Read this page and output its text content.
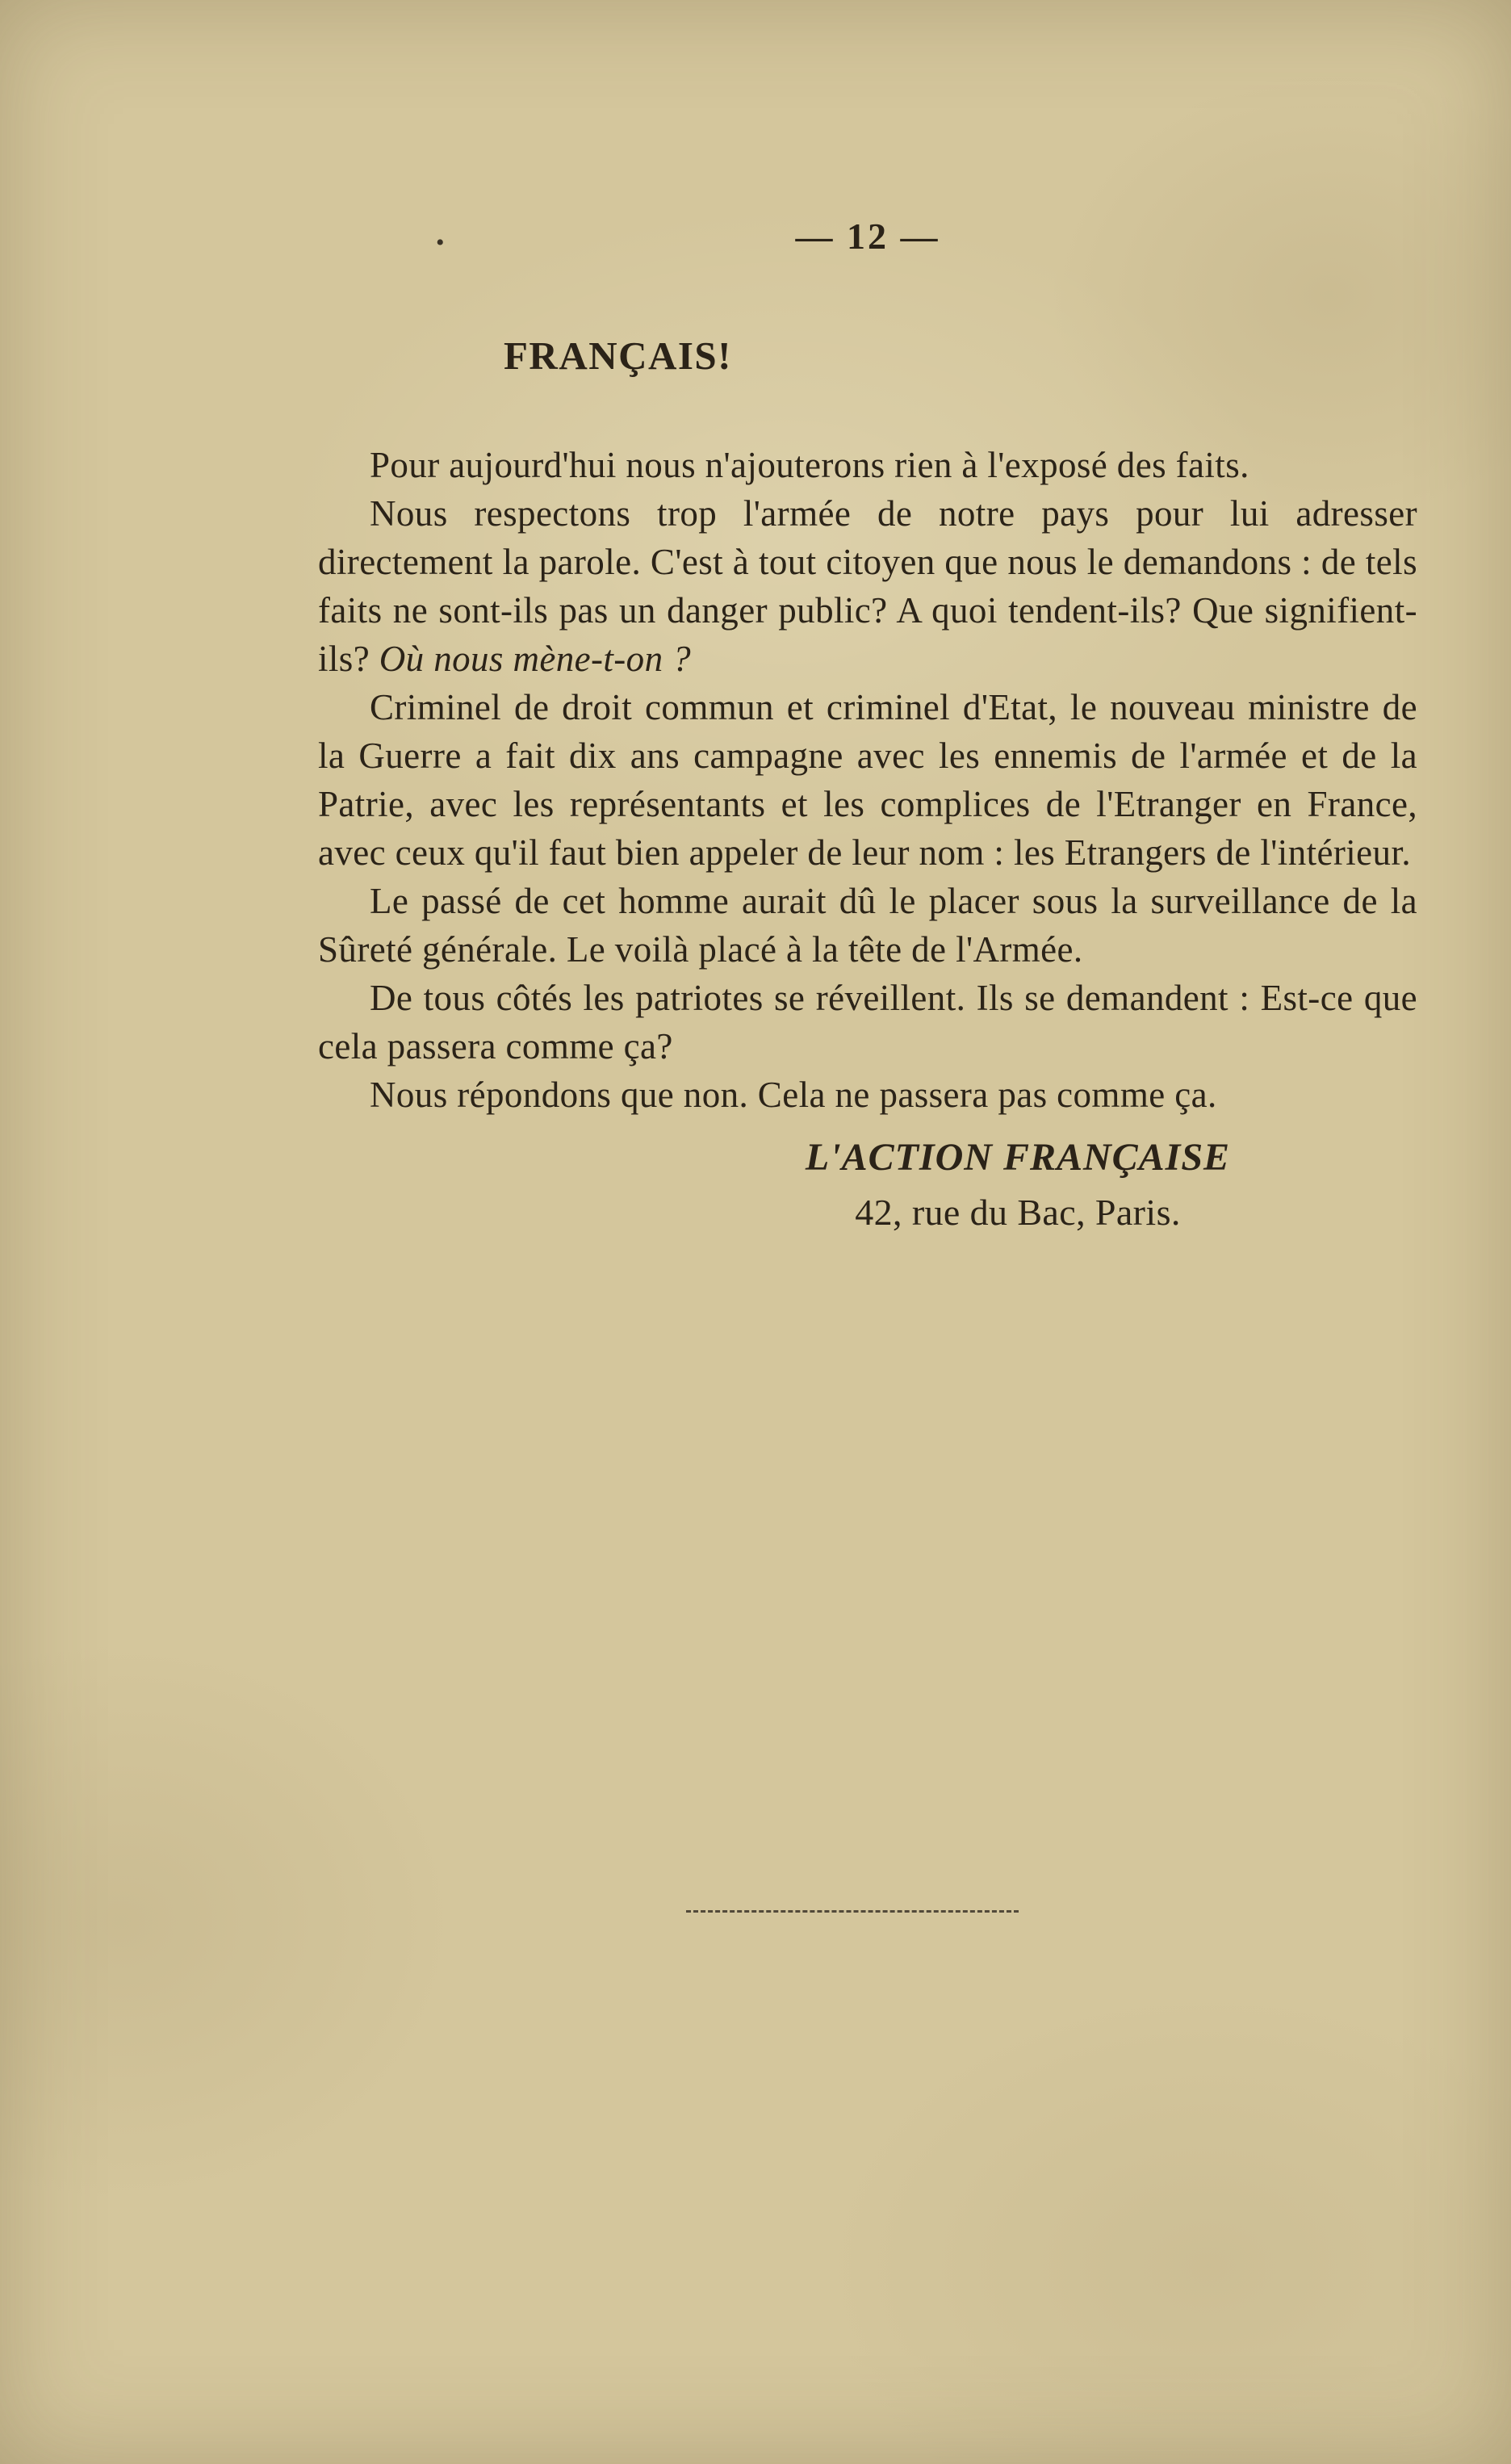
•	— 12 —
FRANÇAIS!

Pour aujourd'hui nous n'ajouterons rien à l'exposé des faits.

Nous respectons trop l'armée de notre pays pour lui adresser directement la parole. C'est à tout citoyen que nous le demandons : de tels faits ne sont-ils pas un danger public? A quoi tendent-ils? Que signifient-ils? Où nous mène-t-on ?

Criminel de droit commun et criminel d'Etat, le nouveau ministre de la Guerre a fait dix ans campagne avec les ennemis de l'armée et de la Patrie, avec les représentants et les complices de l'Etranger en France, avec ceux qu'il faut bien appeler de leur nom : les Etrangers de l'intérieur.

Le passé de cet homme aurait dû le placer sous la surveillance de la Sûreté générale. Le voilà placé à la tête de l'Armée.

De tous côtés les patriotes se réveillent. Ils se demandent : Est-ce que cela passera comme ça?

Nous répondons que non. Cela ne passera pas comme ça.

L'ACTION FRANÇAISE
42, rue du Bac, Paris.
